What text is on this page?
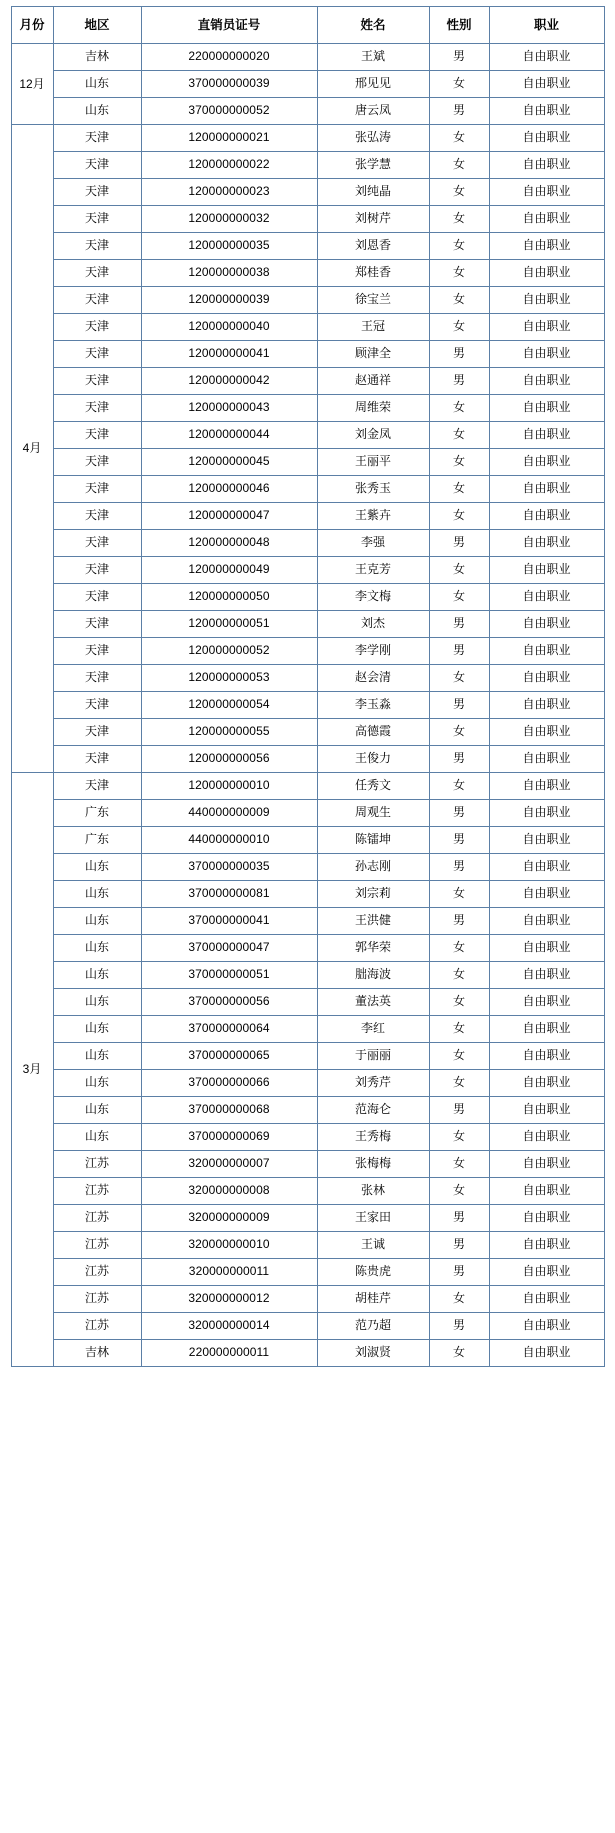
月份	地区	直销员证号	姓名	性别	职业
12月	吉林	220000000020	王斌	男	自由职业
	山东	370000000039	邢见见	女	自由职业
	山东	370000000052	唐云凤	男	自由职业
4月	天津	120000000021	张弘涛	女	自由职业
	天津	120000000022	张学慧	女	自由职业
	天津	120000000023	刘纯晶	女	自由职业
	天津	120000000032	刘树芹	女	自由职业
	天津	120000000035	刘恩香	女	自由职业
	天津	120000000038	郑桂香	女	自由职业
	天津	120000000039	徐宝兰	女	自由职业
	天津	120000000040	王冠	女	自由职业
	天津	120000000041	顾津全	男	自由职业
	天津	120000000042	赵通祥	男	自由职业
	天津	120000000043	周维荣	女	自由职业
	天津	120000000044	刘金凤	女	自由职业
	天津	120000000045	王丽平	女	自由职业
	天津	120000000046	张秀玉	女	自由职业
	天津	120000000047	王紫卉	女	自由职业
	天津	120000000048	李强	男	自由职业
	天津	120000000049	王克芳	女	自由职业
	天津	120000000050	李文梅	女	自由职业
	天津	120000000051	刘杰	男	自由职业
	天津	120000000052	李学刚	男	自由职业
	天津	120000000053	赵会清	女	自由职业
	天津	120000000054	李玉淼	男	自由职业
	天津	120000000055	高德霞	女	自由职业
	天津	120000000056	王俊力	男	自由职业
3月	天津	120000000010	任秀文	女	自由职业
	广东	440000000009	周观生	男	自由职业
	广东	440000000010	陈镭坤	男	自由职业
	山东	370000000035	孙志刚	男	自由职业
	山东	370000000081	刘宗莉	女	自由职业
	山东	370000000041	王洪健	男	自由职业
	山东	370000000047	郭华荣	女	自由职业
	山东	370000000051	朏海波	女	自由职业
	山东	370000000056	董法英	女	自由职业
	山东	370000000064	李红	女	自由职业
	山东	370000000065	于丽丽	女	自由职业
	山东	370000000066	刘秀芹	女	自由职业
	山东	370000000068	范海仑	男	自由职业
	山东	370000000069	王秀梅	女	自由职业
	江苏	320000000007	张梅梅	女	自由职业
	江苏	320000000008	张林	女	自由职业
	江苏	320000000009	王家田	男	自由职业
	江苏	320000000010	王诚	男	自由职业
	江苏	320000000011	陈贵虎	男	自由职业
	江苏	320000000012	胡桂芹	女	自由职业
	江苏	320000000014	范乃超	男	自由职业
	吉林	220000000011	刘淑贤	女	自由职业
